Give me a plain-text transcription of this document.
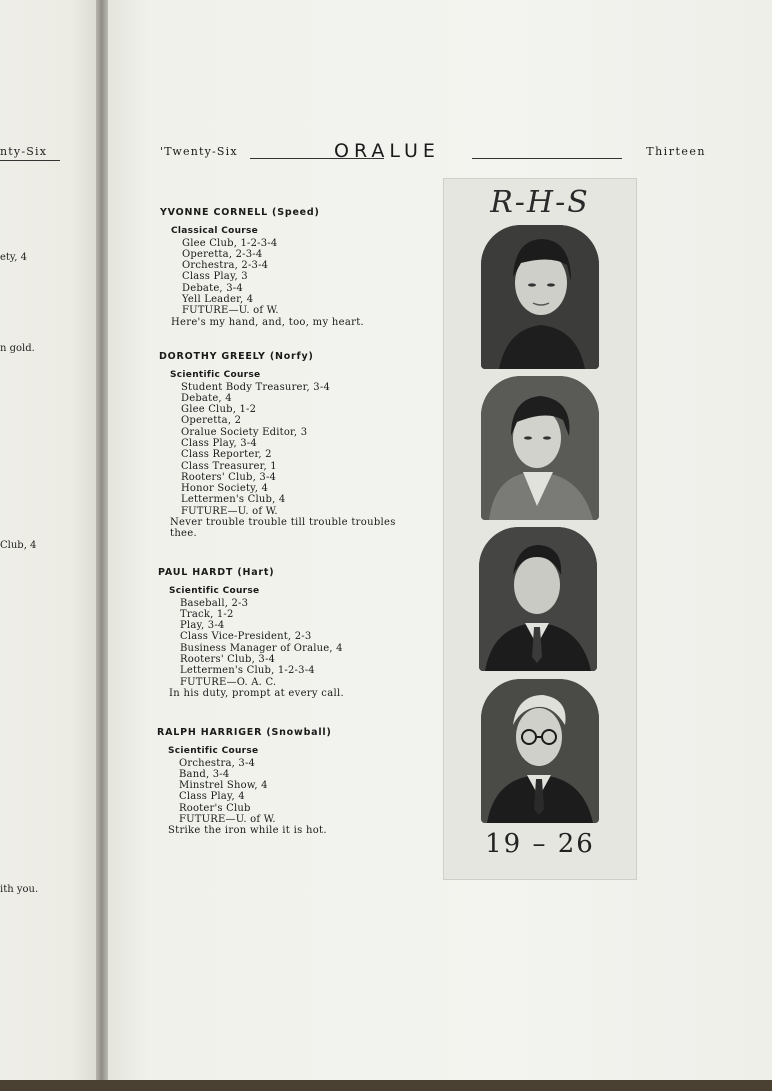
nty-Six
ety, 4
n gold.
Club, 4
ith you.
'Twenty-Six	ORALUE	Thirteen
YVONNE CORNELL (Speed)
Classical Course
Glee Club, 1-2-3-4
Operetta, 2-3-4
Orchestra, 2-3-4
Class Play, 3
Debate, 3-4
Yell Leader, 4
FUTURE—U. of W.
Here's my hand, and, too, my heart.
DOROTHY GREELY (Norfy)
Scientific Course
Student Body Treasurer, 3-4
Debate, 4
Glee Club, 1-2
Operetta, 2
Oralue Society Editor, 3
Class Play, 3-4
Class Reporter, 2
Class Treasurer, 1
Rooters' Club, 3-4
Honor Society, 4
Lettermen's Club, 4
FUTURE—U. of W.
Never trouble trouble till trouble troubles thee.
PAUL HARDT (Hart)
Scientific Course
Baseball, 2-3
Track, 1-2
Play, 3-4
Class Vice-President, 2-3
Business Manager of Oralue, 4
Rooters' Club, 3-4
Lettermen's Club, 1-2-3-4
FUTURE—O. A. C.
In his duty, prompt at every call.
RALPH HARRIGER (Snowball)
Scientific Course
Orchestra, 3-4
Band, 3-4
Minstrel Show, 4
Class Play, 4
Rooter's Club
FUTURE—U. of W.
Strike the iron while it is hot.
R-H-S
19 – 26
